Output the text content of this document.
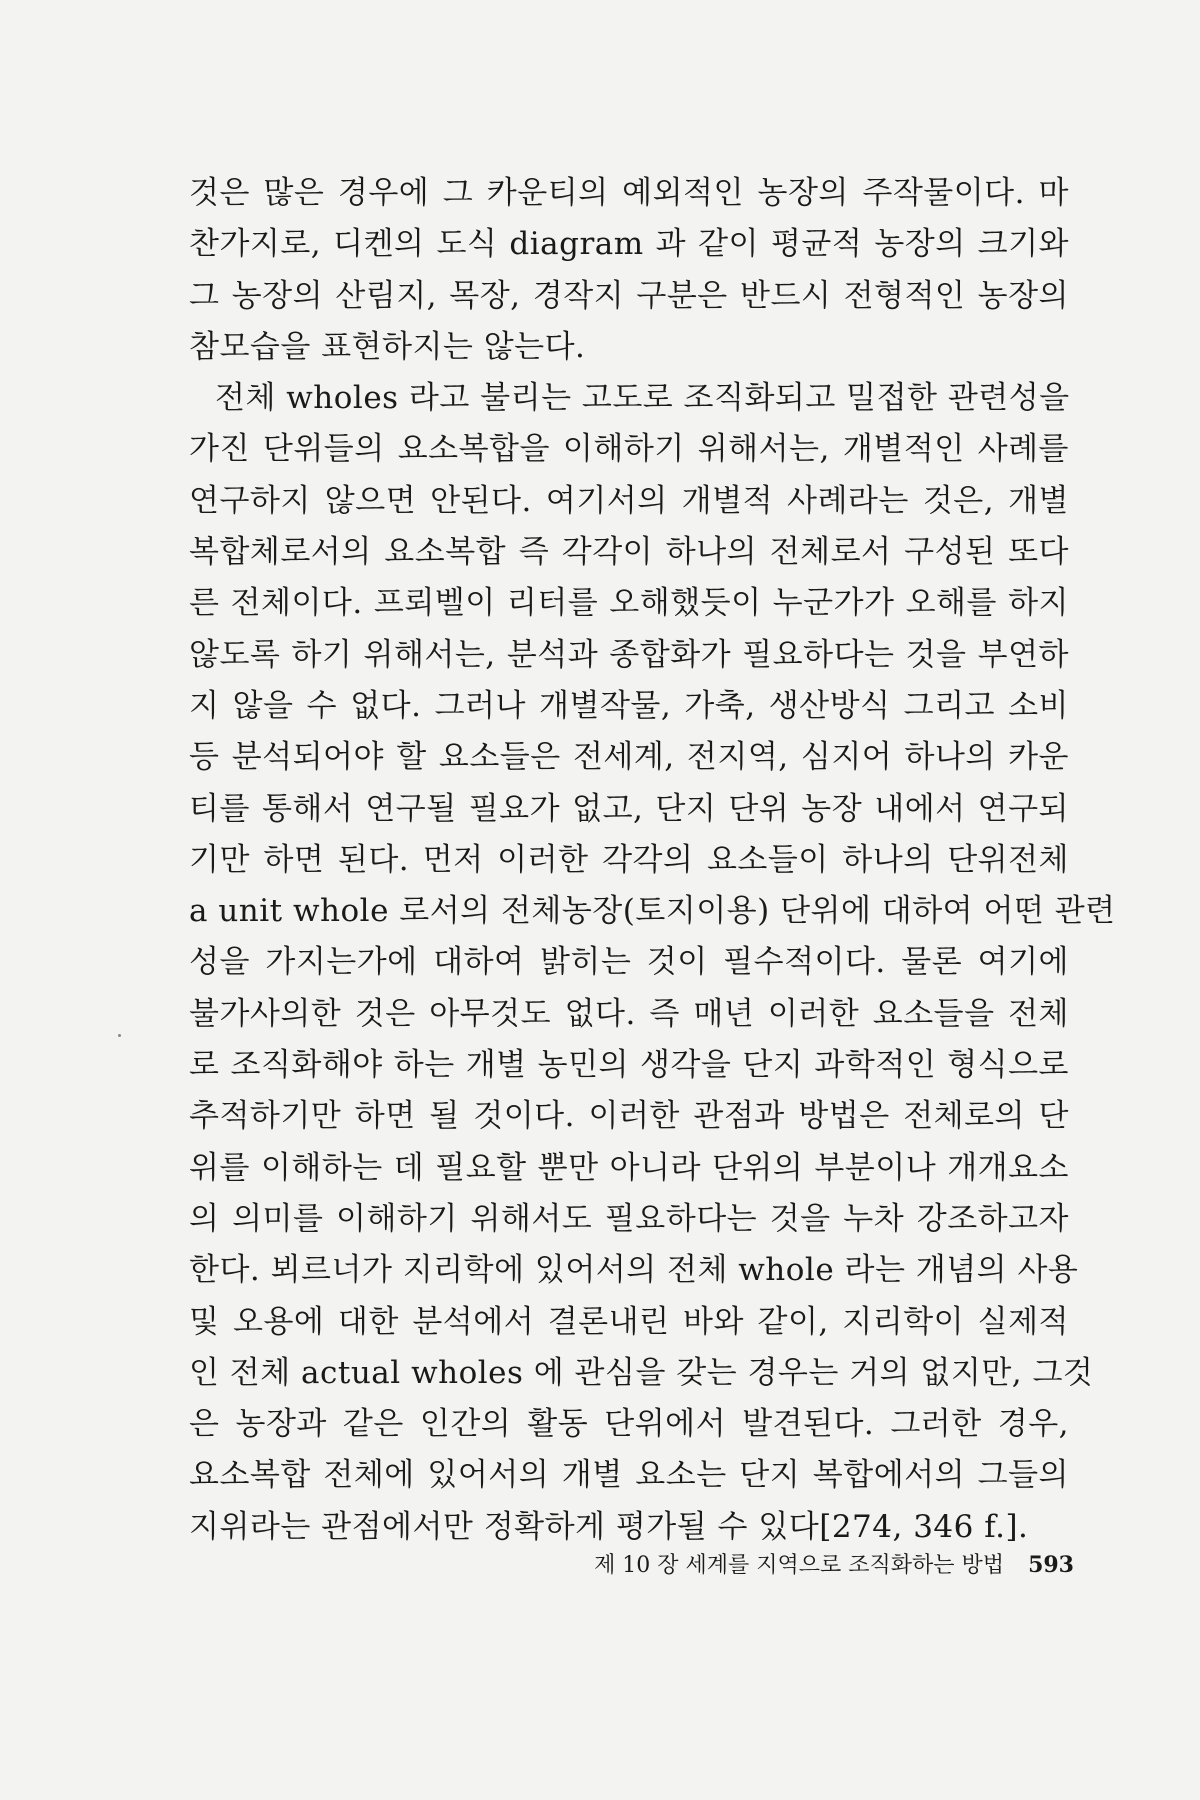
것은 많은 경우에 그 카운티의 예외적인 농장의 주작물이다. 마
찬가지로, 디켄의 도식 diagram 과 같이 평균적 농장의 크기와
그 농장의 산림지, 목장, 경작지 구분은 반드시 전형적인 농장의
참모습을 표현하지는 않는다.
전체 wholes 라고 불리는 고도로 조직화되고 밀접한 관련성을
가진 단위들의 요소복합을 이해하기 위해서는, 개별적인 사례를
연구하지 않으면 안된다. 여기서의 개별적 사례라는 것은, 개별
복합체로서의 요소복합 즉 각각이 하나의 전체로서 구성된 또다
른 전체이다. 프뢰벨이 리터를 오해했듯이 누군가가 오해를 하지
않도록 하기 위해서는, 분석과 종합화가 필요하다는 것을 부연하
지 않을 수 없다. 그러나 개별작물, 가축, 생산방식 그리고 소비
등 분석되어야 할 요소들은 전세계, 전지역, 심지어 하나의 카운
티를 통해서 연구될 필요가 없고, 단지 단위 농장 내에서 연구되
기만 하면 된다. 먼저 이러한 각각의 요소들이 하나의 단위전체
a unit whole 로서의 전체농장(토지이용) 단위에 대하여 어떤 관련
성을 가지는가에 대하여 밝히는 것이 필수적이다. 물론 여기에
불가사의한 것은 아무것도 없다. 즉 매년 이러한 요소들을 전체
로 조직화해야 하는 개별 농민의 생각을 단지 과학적인 형식으로
추적하기만 하면 될 것이다. 이러한 관점과 방법은 전체로의 단
위를 이해하는 데 필요할 뿐만 아니라 단위의 부분이나 개개요소
의 의미를 이해하기 위해서도 필요하다는 것을 누차 강조하고자
한다. 뵈르너가 지리학에 있어서의 전체 whole 라는 개념의 사용
및 오용에 대한 분석에서 결론내린 바와 같이, 지리학이 실제적
인 전체 actual wholes 에 관심을 갖는 경우는 거의 없지만, 그것
은 농장과 같은 인간의 활동 단위에서 발견된다. 그러한 경우,
요소복합 전체에 있어서의 개별 요소는 단지 복합에서의 그들의
지위라는 관점에서만 정확하게 평가될 수 있다[274, 346 f.].
제 10 장 세계를 지역으로 조직화하는 방법 593
